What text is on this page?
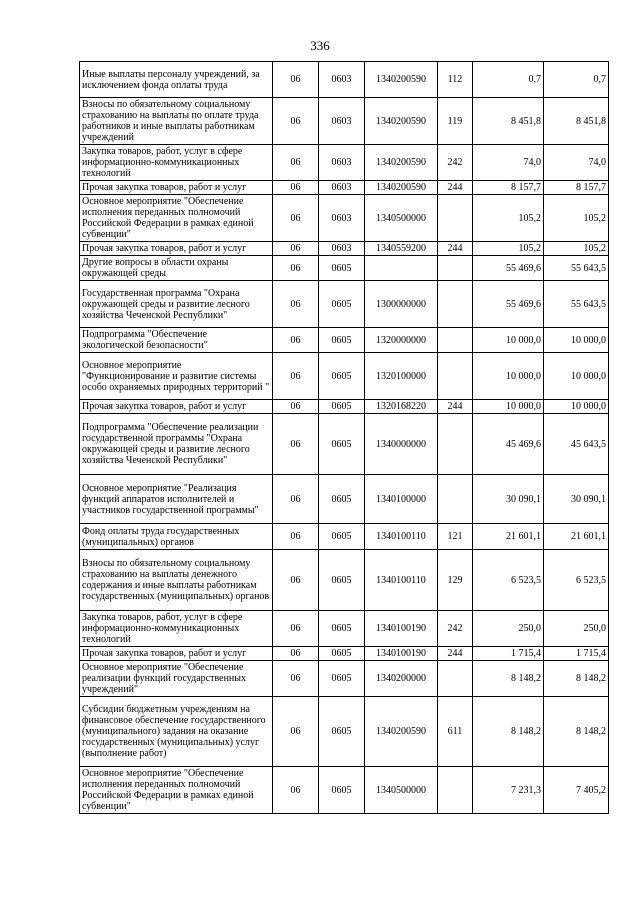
336
Иные выплаты персоналу учреждений, за исключением фонда оплаты труда	06	0603	1340200590	112	0,7	0,7
Взносы по обязательному социальному страхованию на выплаты по оплате труда работников и иные выплаты работникам учреждений	06	0603	1340200590	119	8 451,8	8 451,8
Закупка товаров, работ, услуг в сфере информационно-коммуникационных технологий	06	0603	1340200590	242	74,0	74,0
Прочая закупка товаров, работ и услуг	06	0603	1340200590	244	8 157,7	8 157,7
Основное мероприятие "Обеспечение исполнения переданных полномочий Российской Федерации в рамках единой субвенции"	06	0603	1340500000		105,2	105,2
Прочая закупка товаров, работ и услуг	06	0603	1340559200	244	105,2	105,2
Другие вопросы в области охраны окружающей среды	06	0605			55 469,6	55 643,5
Государственная программа "Охрана окружающей среды и развитие лесного хозяйства Чеченской Республики"	06	0605	1300000000		55 469,6	55 643,5
Подпрограмма "Обеспечение экологической безопасности"	06	0605	1320000000		10 000,0	10 000,0
Основное мероприятие "Функционирование и развитие системы особо охраняемых природных территорий "	06	0605	1320100000		10 000,0	10 000,0
Прочая закупка товаров, работ и услуг	06	0605	1320168220	244	10 000,0	10 000,0
Подпрограмма "Обеспечение реализации государственной программы "Охрана окружающей среды и развитие лесного хозяйства Чеченской Республики"	06	0605	1340000000		45 469,6	45 643,5
Основное мероприятие "Реализация функций аппаратов исполнителей и участников государственной программы"	06	0605	1340100000		30 090,1	30 090,1
Фонд оплаты труда государственных (муниципальных) органов	06	0605	1340100110	121	21 601,1	21 601,1
Взносы по обязательному социальному страхованию на выплаты денежного содержания и иные выплаты работникам государственных (муниципальных) органов	06	0605	1340100110	129	6 523,5	6 523,5
Закупка товаров, работ, услуг в сфере информационно-коммуникационных технологий	06	0605	1340100190	242	250,0	250,0
Прочая закупка товаров, работ и услуг	06	0605	1340100190	244	1 715,4	1 715,4
Основное мероприятие "Обеспечение реализации функций государственных учреждений"	06	0605	1340200000		8 148,2	8 148,2
Субсидии бюджетным учреждениям на финансовое обеспечение государственного (муниципального) задания на оказание государственных (муниципальных) услуг (выполнение работ)	06	0605	1340200590	611	8 148,2	8 148,2
Основное мероприятие "Обеспечение исполнения переданных полномочий Российской Федерации в рамках единой субвенции"	06	0605	1340500000		7 231,3	7 405,2
